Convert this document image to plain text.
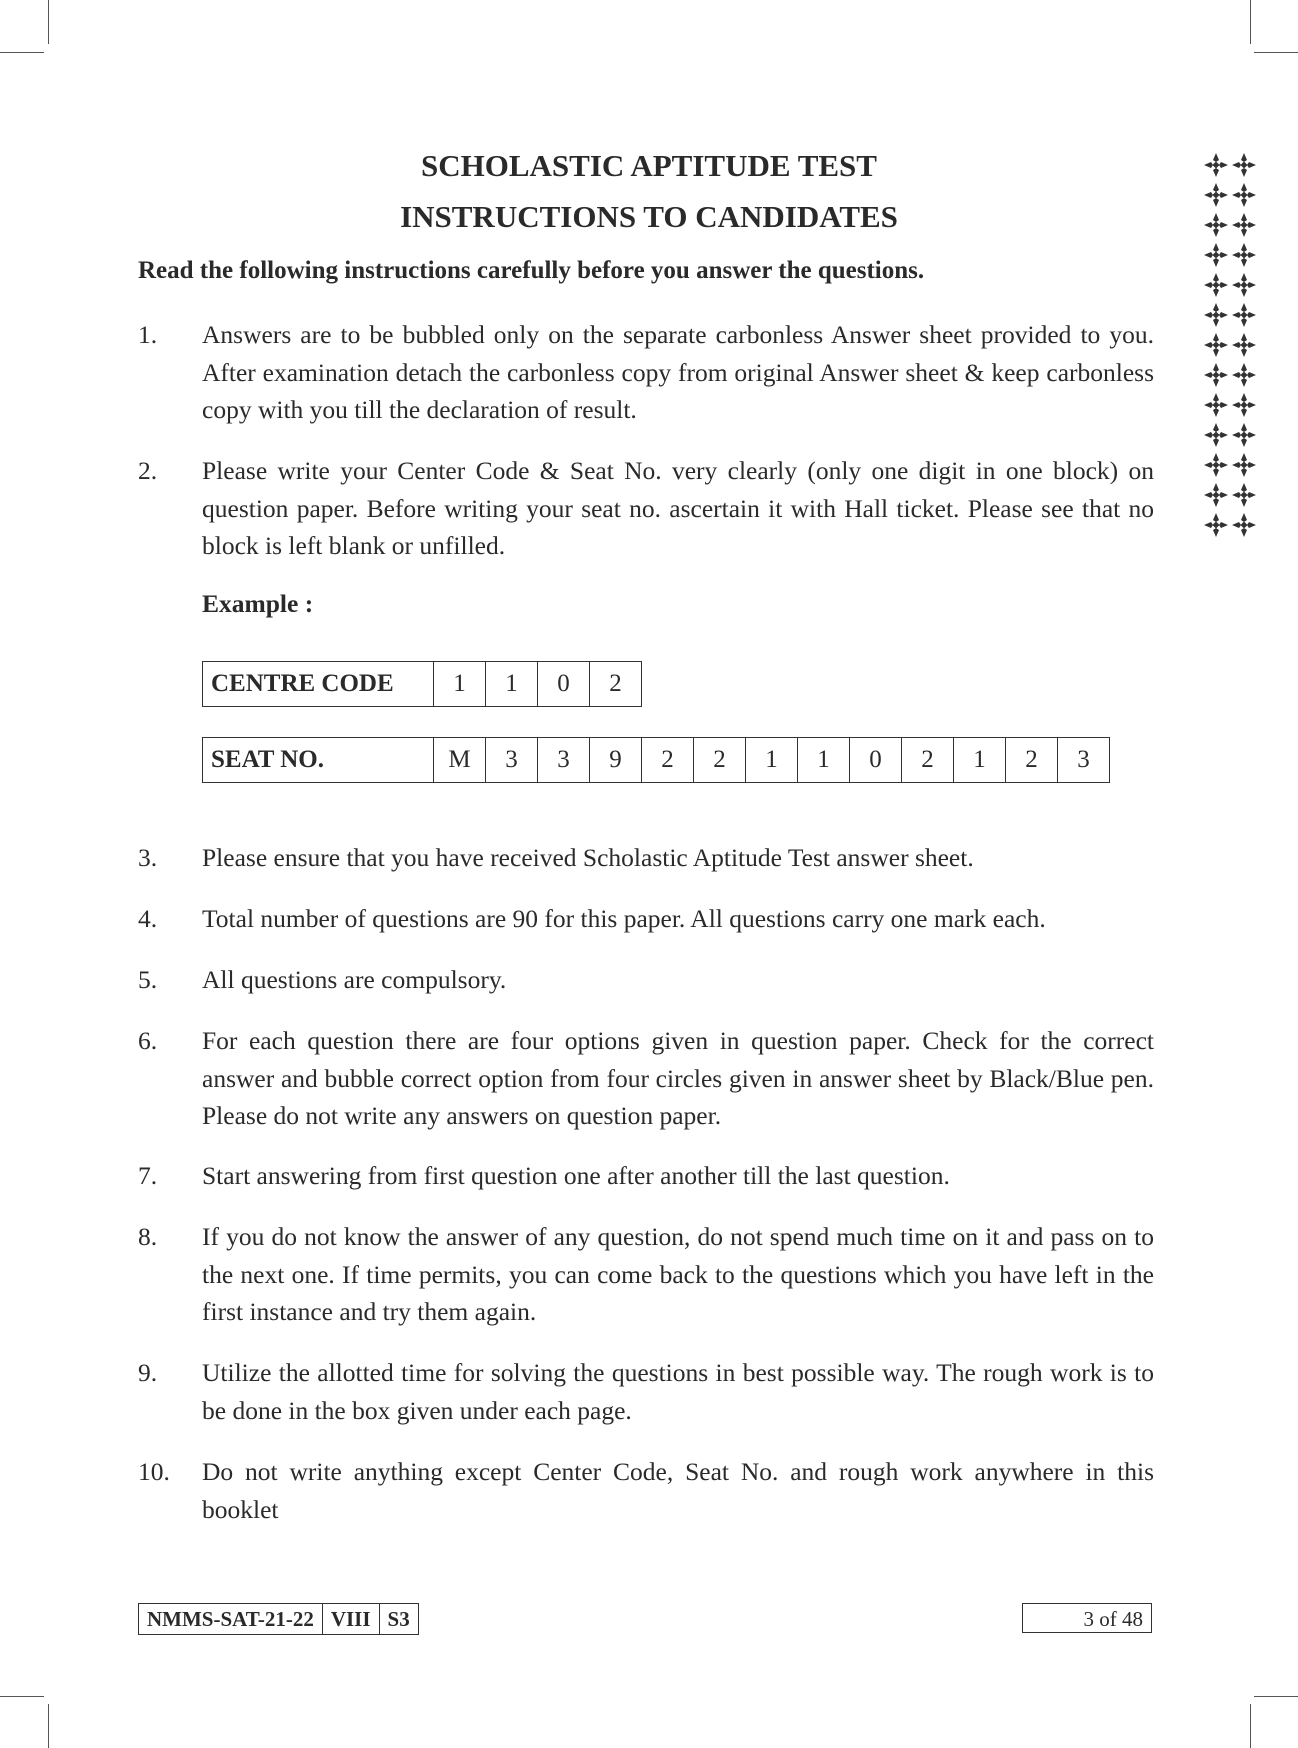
SCHOLASTIC APTITUDE TEST
INSTRUCTIONS TO CANDIDATES
Read the following instructions carefully before you answer the questions.
1. Answers are to be bubbled only on the separate carbonless Answer sheet provided to you. After examination detach the carbonless copy from original Answer sheet & keep carbonless copy with you till the declaration of result.
2. Please write your Center Code & Seat No. very clearly (only one digit in one block) on question paper. Before writing your seat no. ascertain it with Hall ticket. Please see that no block is left blank or unfilled.
Example :
CENTRE CODE	1	1	0	2
SEAT NO.	M	3	3	9	2	2	1	1	0	2	1	2	3
3. Please ensure that you have received Scholastic Aptitude Test answer sheet.
4. Total number of questions are 90 for this paper. All questions carry one mark each.
5. All questions are compulsory.
6. For each question there are four options given in question paper. Check for the correct answer and bubble correct option from four circles given in answer sheet by Black/Blue pen. Please do not write any answers on question paper.
7. Start answering from first question one after another till the last question.
8. If you do not know the answer of any question, do not spend much time on it and pass on to the next one. If time permits, you can come back to the questions which you have left in the first instance and try them again.
9. Utilize the allotted time for solving the questions in best possible way. The rough work is to be done in the box given under each page.
10. Do not write anything except Center Code, Seat No. and rough work anywhere in this booklet
NMMS-SAT-21-22	VIII	S3	3 of 48
